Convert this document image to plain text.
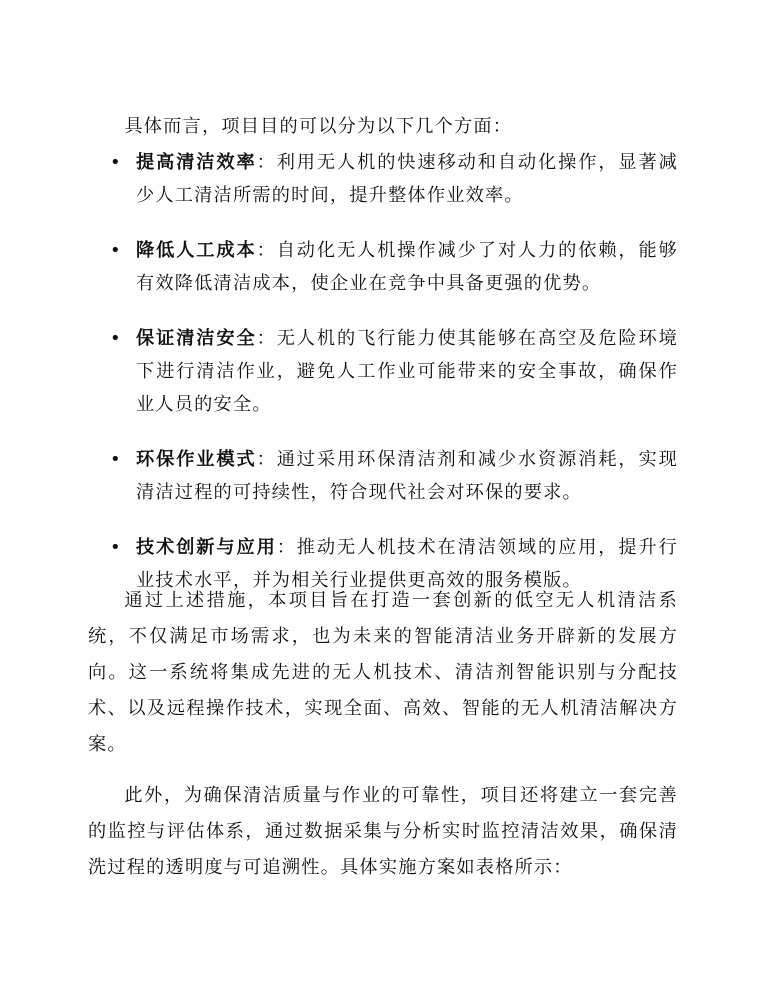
具体而言，项目目的可以分为以下几个方面：

• 提高清洁效率：利用无人机的快速移动和自动化操作，显著减少人工清洁所需的时间，提升整体作业效率。
• 降低人工成本：自动化无人机操作减少了对人力的依赖，能够有效降低清洁成本，使企业在竞争中具备更强的优势。
• 保证清洁安全：无人机的飞行能力使其能够在高空及危险环境下进行清洁作业，避免人工作业可能带来的安全事故，确保作业人员的安全。
• 环保作业模式：通过采用环保清洁剂和减少水资源消耗，实现清洁过程的可持续性，符合现代社会对环保的要求。
• 技术创新与应用：推动无人机技术在清洁领域的应用，提升行业技术水平，并为相关行业提供更高效的服务模版。

通过上述措施，本项目旨在打造一套创新的低空无人机清洁系统，不仅满足市场需求，也为未来的智能清洁业务开辟新的发展方向。这一系统将集成先进的无人机技术、清洁剂智能识别与分配技术、以及远程操作技术，实现全面、高效、智能的无人机清洁解决方案。

此外，为确保清洁质量与作业的可靠性，项目还将建立一套完善的监控与评估体系，通过数据采集与分析实时监控清洁效果，确保清洗过程的透明度与可追溯性。具体实施方案如表格所示：
